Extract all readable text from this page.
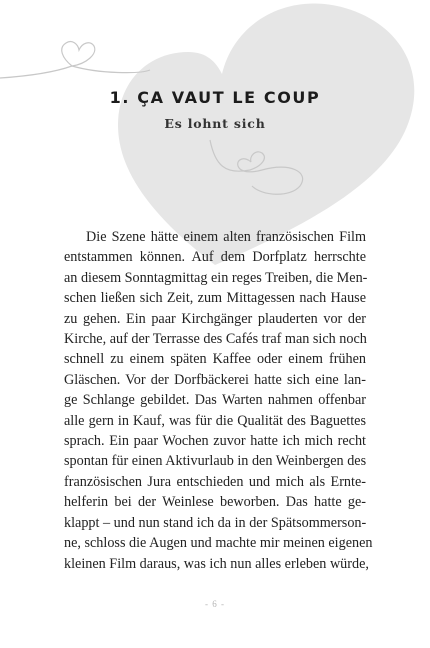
1. ÇA VAUT LE COUP
Es lohnt sich
Die Szene hätte einem alten französischen Film
entstammen können. Auf dem Dorfplatz herrschte
an diesem Sonntagmittag ein reges Treiben, die Men-
schen ließen sich Zeit, zum Mittagessen nach Hause
zu gehen. Ein paar Kirchgänger plauderten vor der
Kirche, auf der Terrasse des Cafés traf man sich noch
schnell zu einem späten Kaffee oder einem frühen
Gläschen. Vor der Dorfbäckerei hatte sich eine lan-
ge Schlange gebildet. Das Warten nahmen offenbar
alle gern in Kauf, was für die Qualität des Baguettes
sprach. Ein paar Wochen zuvor hatte ich mich recht
spontan für einen Aktivurlaub in den Weinbergen des
französischen Jura entschieden und mich als Ernte-
helferin bei der Weinlese beworben. Das hatte ge-
klappt – und nun stand ich da in der Spätsommerson-
ne, schloss die Augen und machte mir meinen eigenen
kleinen Film daraus, was ich nun alles erleben würde,
- 6 -
